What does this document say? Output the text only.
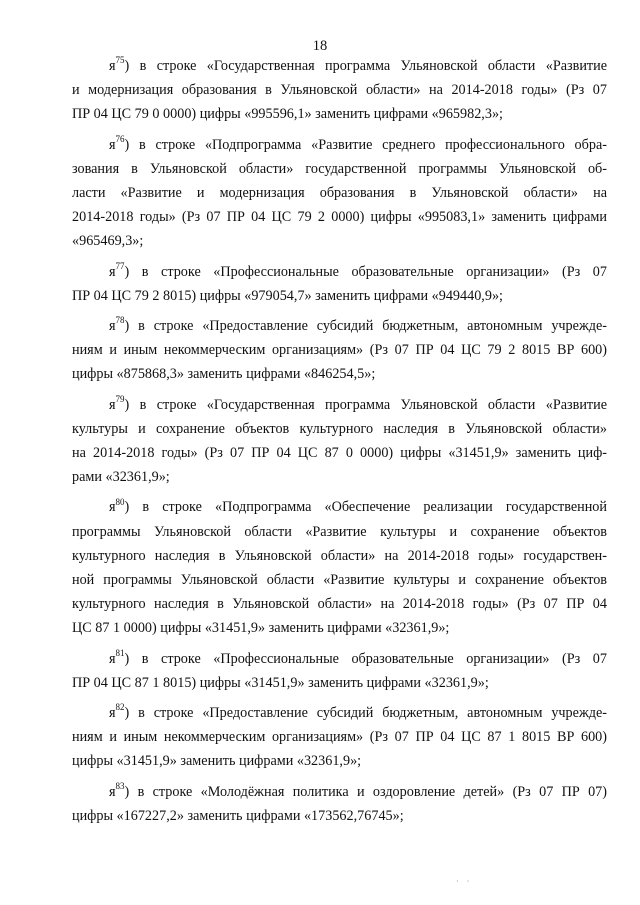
18
$я^{75}$) в строке «Государственная программа Ульяновской области «Развитие
и модернизация образования в Ульяновской области» на 2014-2018 годы» (Рз 07
ПР 04 ЦС 79 0 0000) цифры «995596,1» заменить цифрами «965982,3»;
$я^{76}$) в строке «Подпрограмма «Развитие среднего профессионального обра-
зования в Ульяновской области» государственной программы Ульяновской об-
ласти «Развитие и модернизация образования в Ульяновской области» на
2014-2018 годы» (Рз 07 ПР 04 ЦС 79 2 0000) цифры «995083,1» заменить цифрами
«965469,3»;
$я^{77}$) в строке «Профессиональные образовательные организации» (Рз 07
ПР 04 ЦС 79 2 8015) цифры «979054,7» заменить цифрами «949440,9»;
$я^{78}$) в строке «Предоставление субсидий бюджетным, автономным учрежде-
ниям и иным некоммерческим организациям» (Рз 07 ПР 04 ЦС 79 2 8015 ВР 600)
цифры «875868,3» заменить цифрами «846254,5»;
$я^{79}$) в строке «Государственная программа Ульяновской области «Развитие
культуры и сохранение объектов культурного наследия в Ульяновской области»
на 2014-2018 годы» (Рз 07 ПР 04 ЦС 87 0 0000) цифры «31451,9» заменить циф-
рами «32361,9»;
$я^{80}$) в строке «Подпрограмма «Обеспечение реализации государственной
программы Ульяновской области «Развитие культуры и сохранение объектов
культурного наследия в Ульяновской области» на 2014-2018 годы» государствен-
ной программы Ульяновской области «Развитие культуры и сохранение объектов
культурного наследия в Ульяновской области» на 2014-2018 годы» (Рз 07 ПР 04
ЦС 87 1 0000) цифры «31451,9» заменить цифрами «32361,9»;
$я^{81}$) в строке «Профессиональные образовательные организации» (Рз 07
ПР 04 ЦС 87 1 8015) цифры «31451,9» заменить цифрами «32361,9»;
$я^{82}$) в строке «Предоставление субсидий бюджетным, автономным учрежде-
ниям и иным некоммерческим организациям» (Рз 07 ПР 04 ЦС 87 1 8015 ВР 600)
цифры «31451,9» заменить цифрами «32361,9»;
$я^{83}$) в строке «Молодёжная политика и оздоровление детей» (Рз 07 ПР 07)
цифры «167227,2» заменить цифрами «173562,76745»;
· ·
